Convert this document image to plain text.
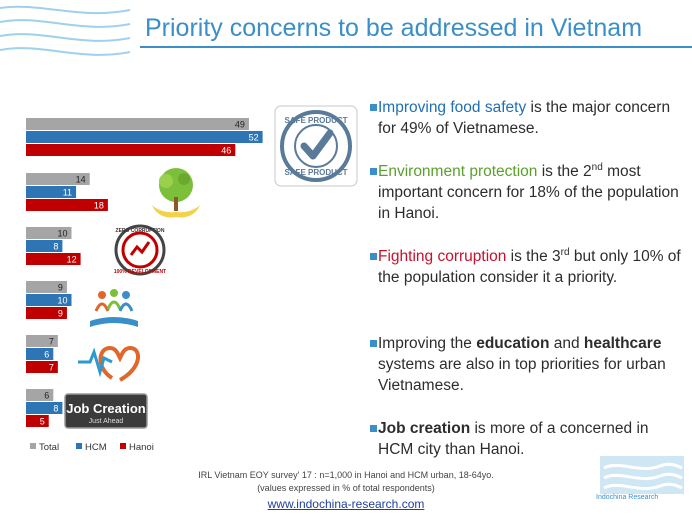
Priority concerns to be addressed in Vietnam
49
52
46
14
11
18
10
8
12
9
10
9
7
6
7
6
8
5
Total	HCM Hanoi
SAFE PRODUCT
SAFE PRODUCT
ZERO CORRUPTION
100% DEVELOPMENT
Job Creation
Just Ahead
Improving food safety is the major concern for 49% of Vietnamese.
Environment protection is the 2nd most important concern for 18% of the population in Hanoi.
Fighting corruption is the 3rd but only 10% of the population consider it a priority.
Improving the education and healthcare systems are also in top priorities for urban Vietnamese.
Job creation is more of a concerned in HCM city than Hanoi.
Indochina Research
IRL Vietnam EOY survey' 17 : n=1,000 in Hanoi and HCM urban, 18-64yo.
(values expressed in % of total respondents)
www.indochina-research.com
